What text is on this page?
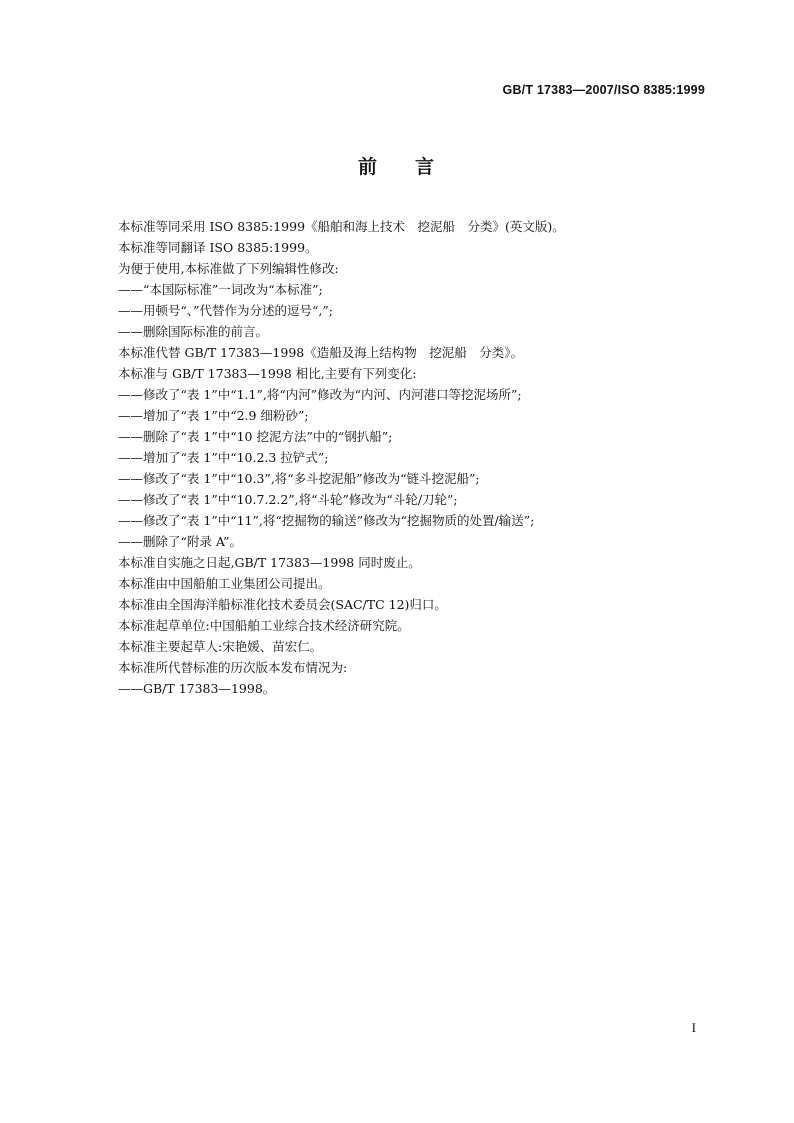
GB/T 17383—2007/ISO 8385:1999
前 言
本标准等同采用 ISO 8385:1999《船舶和海上技术　挖泥船　分类》(英文版)。
本标准等同翻译 ISO 8385:1999。
为便于使用,本标准做了下列编辑性修改:
——“本国际标准”一词改为“本标准”;
——用顿号“、”代替作为分述的逗号“,”;
——删除国际标准的前言。
本标准代替 GB/T 17383—1998《造船及海上结构物　挖泥船　分类》。
本标准与 GB/T 17383—1998 相比,主要有下列变化:
——修改了“表 1”中“1.1”,将“内河”修改为“内河、内河港口等挖泥场所”;
——增加了“表 1”中“2.9 细粉砂”;
——删除了“表 1”中“10 挖泥方法”中的“钢扒船”;
——增加了“表 1”中“10.2.3 拉铲式”;
——修改了“表 1”中“10.3”,将“多斗挖泥船”修改为“链斗挖泥船”;
——修改了“表 1”中“10.7.2.2”,将“斗轮”修改为“斗轮/刀轮”;
——修改了“表 1”中“11”,将“挖掘物的输送”修改为“挖掘物质的处置/输送”;
——删除了“附录 A”。
本标准自实施之日起,GB/T 17383—1998 同时废止。
本标准由中国船舶工业集团公司提出。
本标准由全国海洋船标准化技术委员会(SAC/TC 12)归口。
本标准起草单位:中国船舶工业综合技术经济研究院。
本标准主要起草人:宋艳媛、苗宏仁。
本标准所代替标准的历次版本发布情况为:
——GB/T 17383—1998。
I
